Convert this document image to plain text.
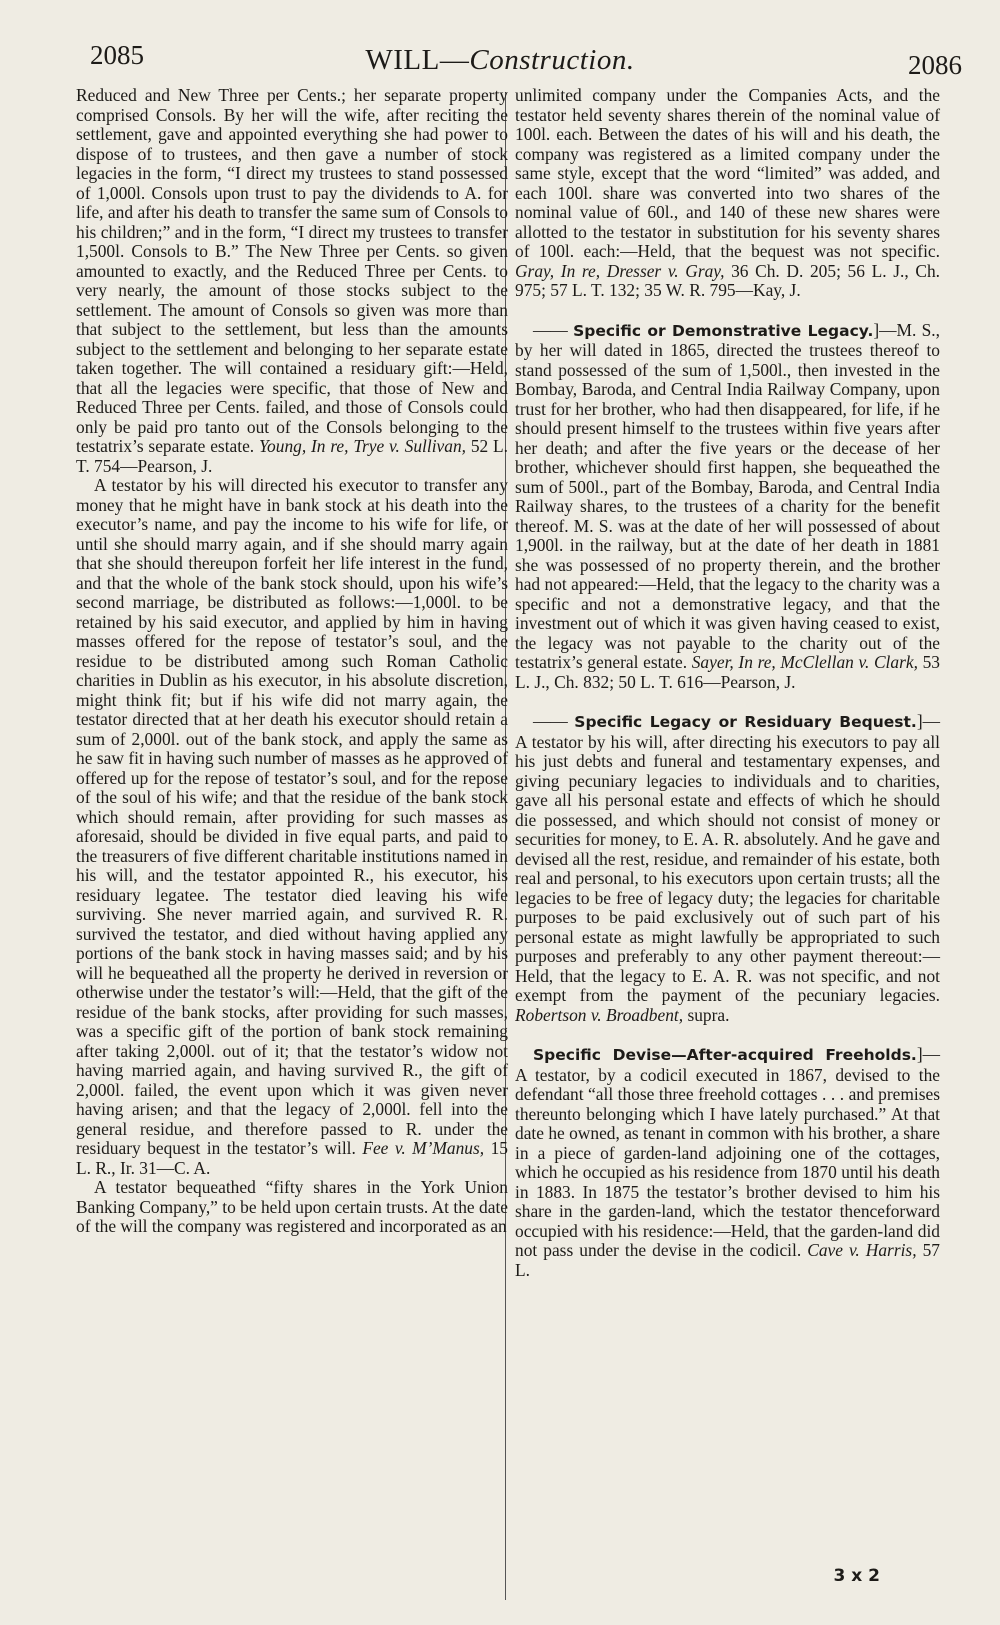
2085	WILL—Construction.	2086

Reduced and New Three per Cents.; her separate property comprised Consols. By her will the wife, after reciting the settlement, gave and appointed everything she had power to dispose of to trustees, and then gave a number of stock legacies in the form, “I direct my trustees to stand possessed of 1,000l. Consols upon trust to pay the dividends to A. for life, and after his death to transfer the same sum of Consols to his children;” and in the form, “I direct my trustees to transfer 1,500l. Consols to B.” The New Three per Cents. so given amounted to exactly, and the Reduced Three per Cents. to very nearly, the amount of those stocks subject to the settlement. The amount of Consols so given was more than that subject to the settlement, but less than the amounts subject to the settlement and belonging to her separate estate taken together. The will contained a residuary gift:—Held, that all the legacies were specific, that those of New and Reduced Three per Cents. failed, and those of Consols could only be paid pro tanto out of the Consols belonging to the testatrix’s separate estate. Young, In re, Trye v. Sullivan, 52 L. T. 754—Pearson, J.

A testator by his will directed his executor to transfer any money that he might have in bank stock at his death into the executor’s name, and pay the income to his wife for life, or until she should marry again, and if she should marry again that she should thereupon forfeit her life interest in the fund, and that the whole of the bank stock should, upon his wife’s second marriage, be distributed as follows:—1,000l. to be retained by his said executor, and applied by him in having masses offered for the repose of testator’s soul, and the residue to be distributed among such Roman Catholic charities in Dublin as his executor, in his absolute discretion, might think fit; but if his wife did not marry again, the testator directed that at her death his executor should retain a sum of 2,000l. out of the bank stock, and apply the same as he saw fit in having such number of masses as he approved of offered up for the repose of testator’s soul, and for the repose of the soul of his wife; and that the residue of the bank stock which should remain, after providing for such masses as aforesaid, should be divided in five equal parts, and paid to the treasurers of five different charitable institutions named in his will, and the testator appointed R., his executor, his residuary legatee. The testator died leaving his wife surviving. She never married again, and survived R. R. survived the testator, and died without having applied any portions of the bank stock in having masses said; and by his will he bequeathed all the property he derived in reversion or otherwise under the testator’s will:—Held, that the gift of the residue of the bank stocks, after providing for such masses, was a specific gift of the portion of bank stock remaining after taking 2,000l. out of it; that the testator’s widow not having married again, and having survived R., the gift of 2,000l. failed, the event upon which it was given never having arisen; and that the legacy of 2,000l. fell into the general residue, and therefore passed to R. under the residuary bequest in the testator’s will. Fee v. M’Manus, 15 L. R., Ir. 31—C. A.

A testator bequeathed “fifty shares in the York Union Banking Company,” to be held upon certain trusts. At the date of the will the company was registered and incorporated as an

unlimited company under the Companies Acts, and the testator held seventy shares therein of the nominal value of 100l. each. Between the dates of his will and his death, the company was registered as a limited company under the same style, except that the word “limited” was added, and each 100l. share was converted into two shares of the nominal value of 60l., and 140 of these new shares were allotted to the testator in substitution for his seventy shares of 100l. each:—Held, that the bequest was not specific. Gray, In re, Dresser v. Gray, 36 Ch. D. 205; 56 L. J., Ch. 975; 57 L. T. 132; 35 W. R. 795—Kay, J.

—— Specific or Demonstrative Legacy.]—M. S., by her will dated in 1865, directed the trustees thereof to stand possessed of the sum of 1,500l., then invested in the Bombay, Baroda, and Central India Railway Company, upon trust for her brother, who had then disappeared, for life, if he should present himself to the trustees within five years after her death; and after the five years or the decease of her brother, whichever should first happen, she bequeathed the sum of 500l., part of the Bombay, Baroda, and Central India Railway shares, to the trustees of a charity for the benefit thereof. M. S. was at the date of her will possessed of about 1,900l. in the railway, but at the date of her death in 1881 she was possessed of no property therein, and the brother had not appeared:—Held, that the legacy to the charity was a specific and not a demonstrative legacy, and that the investment out of which it was given having ceased to exist, the legacy was not payable to the charity out of the testatrix’s general estate. Sayer, In re, McClellan v. Clark, 53 L. J., Ch. 832; 50 L. T. 616—Pearson, J.

—— Specific Legacy or Residuary Bequest.]—A testator by his will, after directing his executors to pay all his just debts and funeral and testamentary expenses, and giving pecuniary legacies to individuals and to charities, gave all his personal estate and effects of which he should die possessed, and which should not consist of money or securities for money, to E. A. R. absolutely. And he gave and devised all the rest, residue, and remainder of his estate, both real and personal, to his executors upon certain trusts; all the legacies to be free of legacy duty; the legacies for charitable purposes to be paid exclusively out of such part of his personal estate as might lawfully be appropriated to such purposes and preferably to any other payment thereout:—Held, that the legacy to E. A. R. was not specific, and not exempt from the payment of the pecuniary legacies. Robertson v. Broadbent, supra.

Specific Devise—After-acquired Freeholds.]—A testator, by a codicil executed in 1867, devised to the defendant “all those three freehold cottages . . . and premises thereunto belonging which I have lately purchased.” At that date he owned, as tenant in common with his brother, a share in a piece of garden-land adjoining one of the cottages, which he occupied as his residence from 1870 until his death in 1883. In 1875 the testator’s brother devised to him his share in the garden-land, which the testator thenceforward occupied with his residence:—Held, that the garden-land did not pass under the devise in the codicil. Cave v. Harris, 57 L.

3 x 2
